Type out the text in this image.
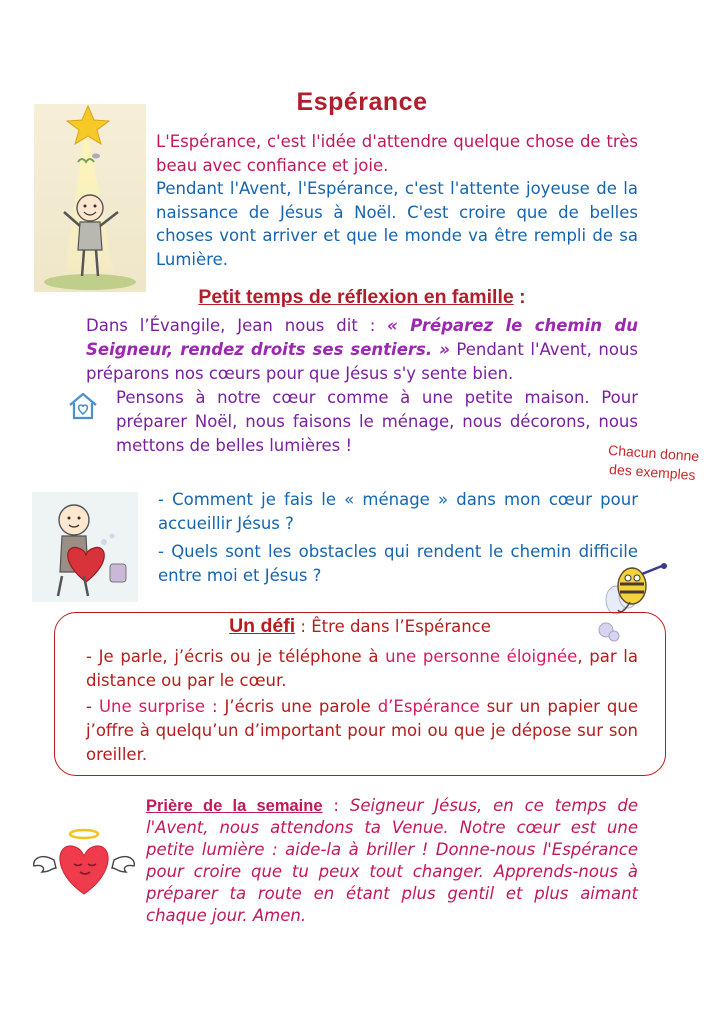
Espérance
L'Espérance, c'est l'idée d'attendre quelque chose de très beau avec confiance et joie.
Pendant l'Avent, l'Espérance, c'est l'attente joyeuse de la naissance de Jésus à Noël. C'est croire que de belles choses vont arriver et que le monde va être rempli de sa Lumière.
Petit temps de réflexion en famille :
Dans l’Évangile, Jean nous dit : « Préparez le chemin du Seigneur, rendez droits ses sentiers. » Pendant l'Avent, nous préparons nos cœurs pour que Jésus s'y sente bien.
Pensons à notre cœur comme à une petite maison. Pour préparer Noël, nous faisons le ménage, nous décorons, nous mettons de belles lumières !	Chacun donne des exemples

- Comment je fais le « ménage » dans mon cœur pour accueillir Jésus ?

- Quels sont les obstacles qui rendent le chemin difficile entre moi et Jésus ?

Un défi : Être dans l’Espérance

- Je parle, j’écris ou je téléphone à une personne éloignée, par la distance ou par le cœur.

- Une surprise : J’écris une parole d’Espérance sur un papier que j’offre à quelqu’un d’important pour moi ou que je dépose sur son oreiller.

Prière de la semaine : Seigneur Jésus, en ce temps de l'Avent, nous attendons ta Venue. Notre cœur est une petite lumière : aide-la à briller ! Donne-nous l'Espérance pour croire que tu peux tout changer. Apprends-nous à préparer ta route en étant plus gentil et plus aimant chaque jour. Amen.
